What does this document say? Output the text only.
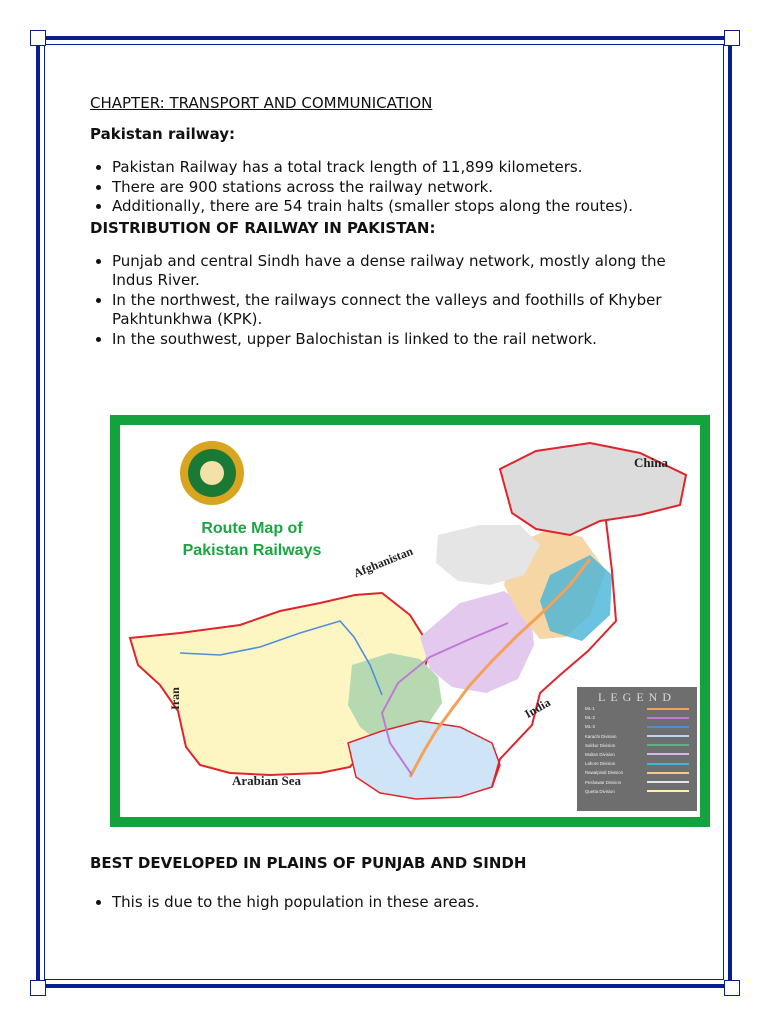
CHAPTER: TRANSPORT AND COMMUNICATION

Pakistan railway:

• Pakistan Railway has a total track length of 11,899 kilometers.
• There are 900 stations across the railway network.
• Additionally, there are 54 train halts (smaller stops along the routes).

DISTRIBUTION OF RAILWAY IN PAKISTAN:

• Punjab and central Sindh have a dense railway network, mostly along the Indus River.
• In the northwest, the railways connect the valleys and foothills of Khyber Pakhtunkhwa (KPK).
• In the southwest, upper Balochistan is linked to the rail network.
Route Map of
Pakistan Railways
China
Afghanistan
Iran	India
Arabian Sea
LEGEND
ML-1
ML-2
ML-3
Karachi Division
Sukkur Division
Multan Division
Lahore Division
Rawalpindi Division
Peshawar Division
Quetta Division

BEST DEVELOPED IN PLAINS OF PUNJAB AND SINDH

• This is due to the high population in these areas.
